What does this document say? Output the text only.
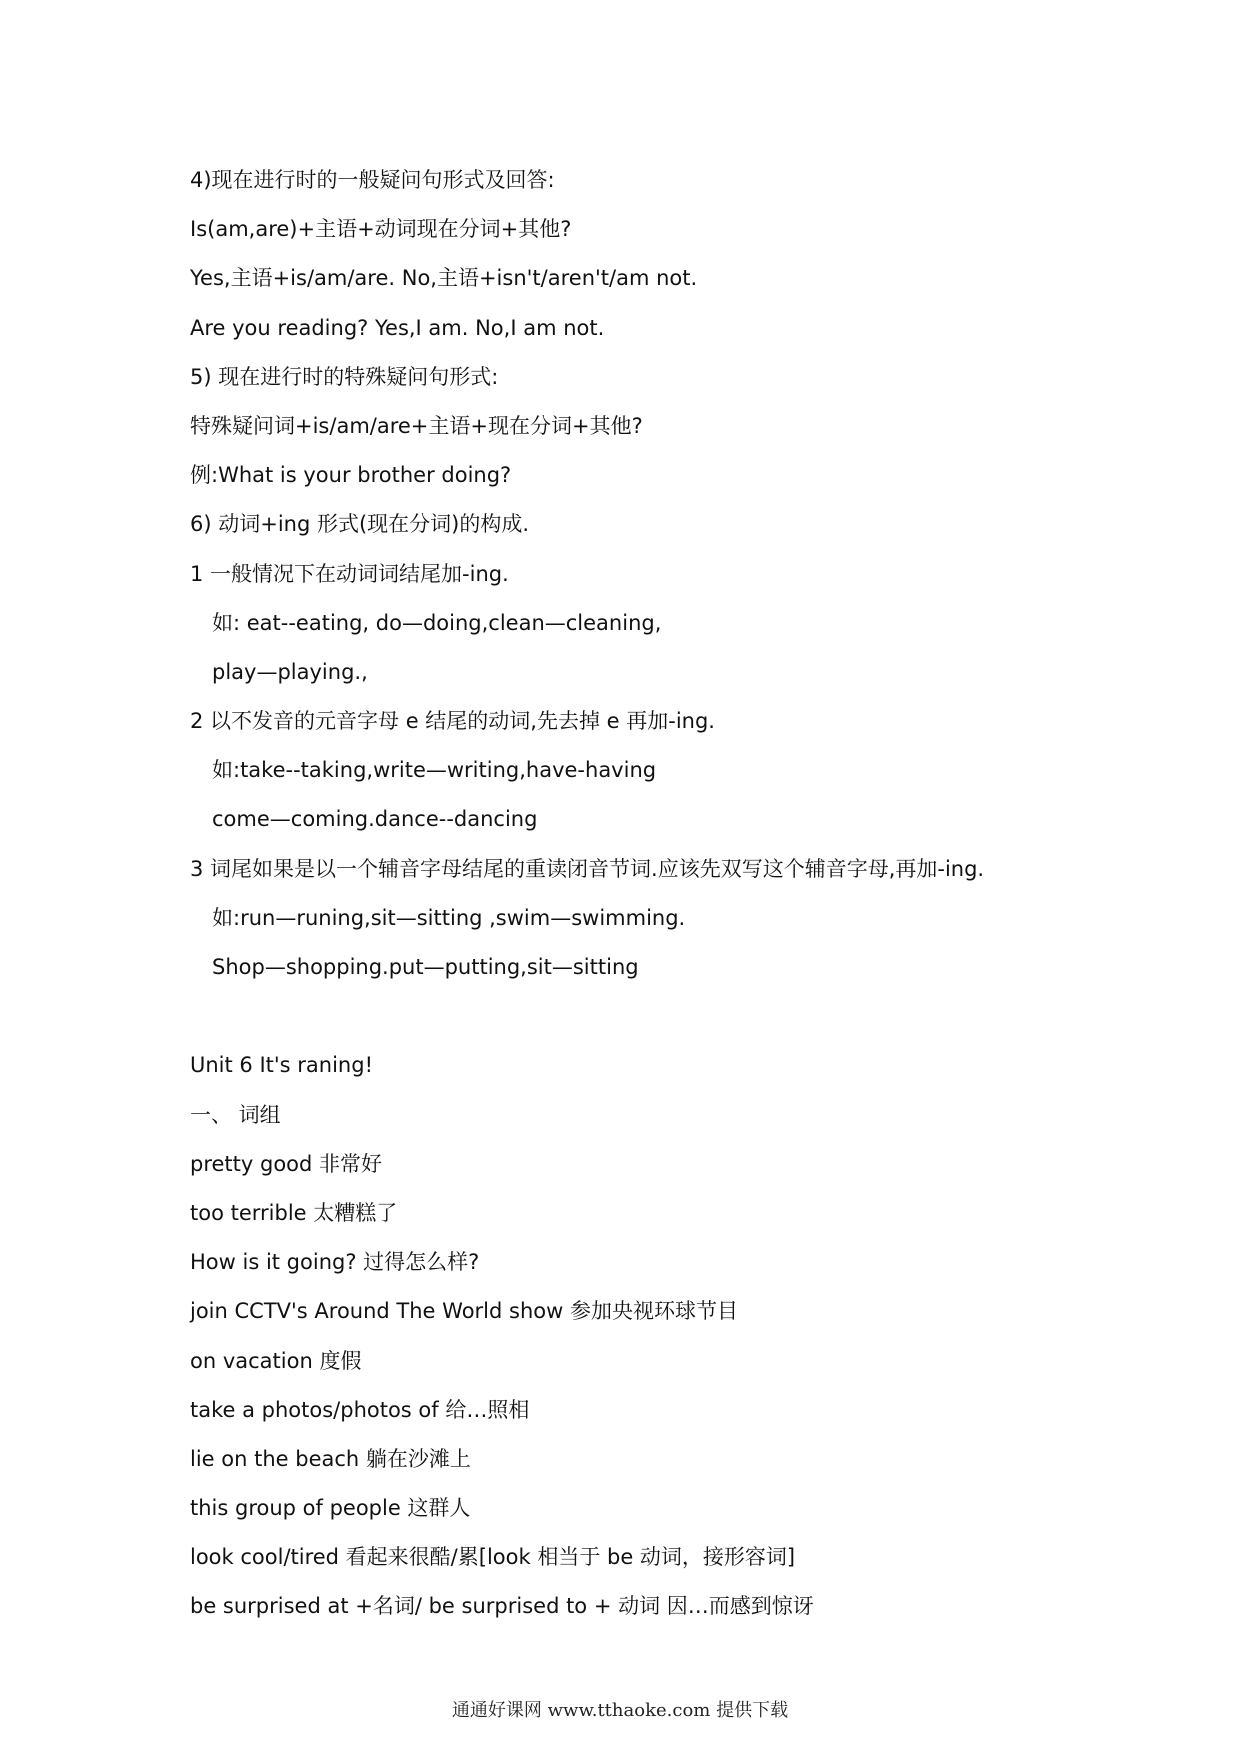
4)现在进行时的一般疑问句形式及回答:
Is(am,are)+主语+动词现在分词+其他?
Yes,主语+is/am/are. No,主语+isn't/aren't/am not.
Are you reading? Yes,I am. No,I am not.
5) 现在进行时的特殊疑问句形式:
特殊疑问词+is/am/are+主语+现在分词+其他?
例:What is your brother doing?
6) 动词+ing 形式(现在分词)的构成.
1 一般情况下在动词词结尾加-ing.
如: eat--eating, do—doing,clean—cleaning,
play—playing.,
2 以不发音的元音字母 e 结尾的动词,先去掉 e 再加-ing.
如:take--taking,write—writing,have-having
come—coming.dance--dancing
3 词尾如果是以一个辅音字母结尾的重读闭音节词.应该先双写这个辅音字母,再加-ing.
如:run—runing,sit—sitting ,swim—swimming.
Shop—shopping.put—putting,sit—sitting
Unit 6 It's raning!
一、 词组
pretty good 非常好
too terrible 太糟糕了
How is it going? 过得怎么样?
join CCTV's Around The World show 参加央视环球节目
on vacation 度假
take a photos/photos of 给…照相
lie on the beach 躺在沙滩上
this group of people 这群人
look cool/tired 看起来很酷/累[look 相当于 be 动词，接形容词]
be surprised at +名词/ be surprised to + 动词 因…而感到惊讶
通通好课网 www.tthaoke.com 提供下载
